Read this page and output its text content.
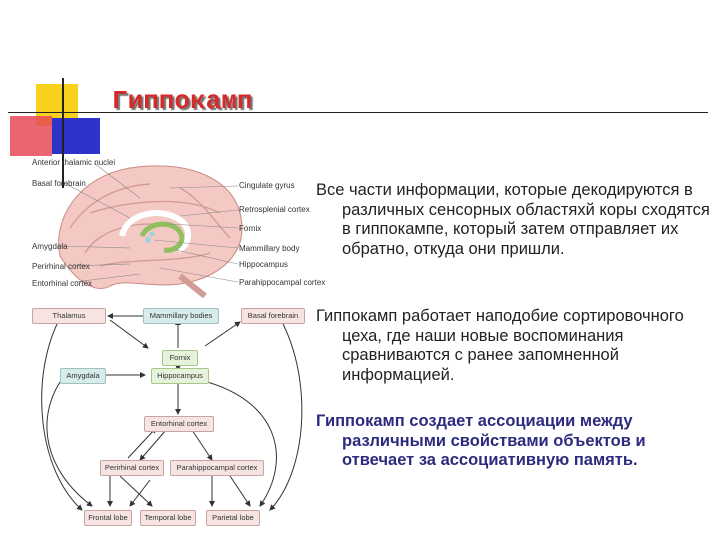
Гиппокамп
Anterior thalamic nuclei
Basal forebrain
Amygdala
Perirhinal cortex
Entorhinal cortex
Cingulate gyrus
Retrosplenial cortex
Fornix
Mammillary body
Hippocampus
Parahippocampal cortex
Thalamus	Mammillary bodies	Basal forebrain
Fornix
Amygdala	Hippocampus
Entorhinal cortex
Perirhinal cortex	Parahippocampal cortex
Frontal lobe	Temporal lobe	Parietal lobe
Все части информации, которые декодируются в различных сенсорных областяхй коры сходятся в гиппокампе, который затем отправляет их обратно, откуда они пришли.
Гиппокамп работает наподобие сортировочного цеха, где наши новые воспоминания сравниваются с ранее запомненной информацией.
Гиппокамп создает ассоциации между различными свойствами объектов и отвечает за ассоциативную память.
